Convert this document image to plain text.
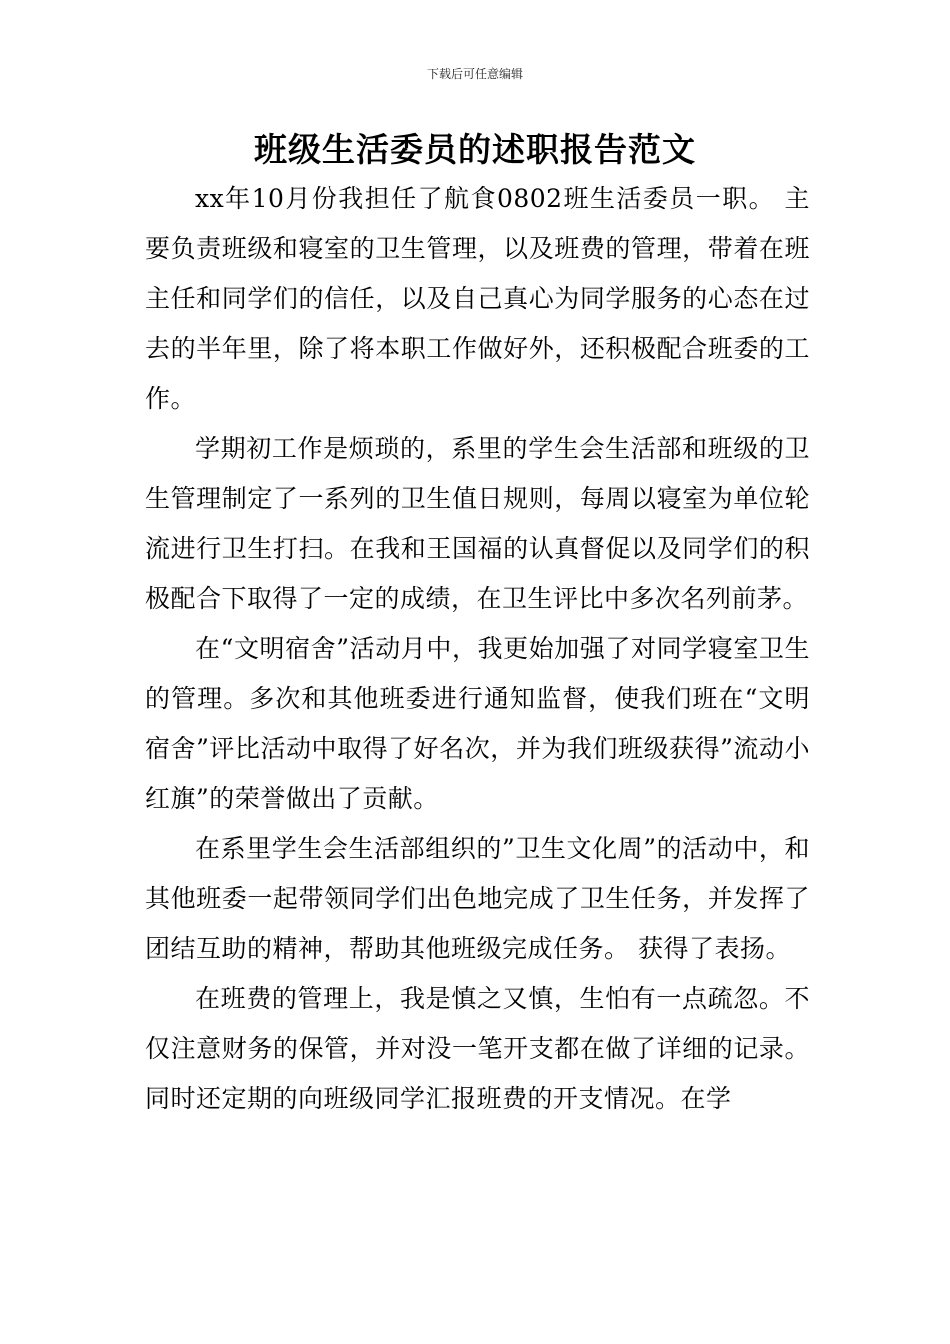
下载后可任意编辑
班级生活委员的述职报告范文

xx年10月份我担任了航食0802班生活委员一职。 主要负责班级和寝室的卫生管理，以及班费的管理，带着在班主任和同学们的信任，以及自己真心为同学服务的心态在过去的半年里，除了将本职工作做好外，还积极配合班委的工作。

学期初工作是烦琐的，系里的学生会生活部和班级的卫生管理制定了一系列的卫生值日规则，每周以寝室为单位轮流进行卫生打扫。在我和王国福的认真督促以及同学们的积极配合下取得了一定的成绩，在卫生评比中多次名列前茅。

在“文明宿舍”活动月中，我更始加强了对同学寝室卫生的管理。多次和其他班委进行通知监督，使我们班在“文明宿舍”评比活动中取得了好名次，并为我们班级获得”流动小红旗”的荣誉做出了贡献。

在系里学生会生活部组织的”卫生文化周”的活动中，和其他班委一起带领同学们出色地完成了卫生任务，并发挥了团结互助的精神，帮助其他班级完成任务。 获得了表扬。

在班费的管理上，我是慎之又慎，生怕有一点疏忽。不仅注意财务的保管，并对没一笔开支都在做了详细的记录。同时还定期的向班级同学汇报班费的开支情况。在学
